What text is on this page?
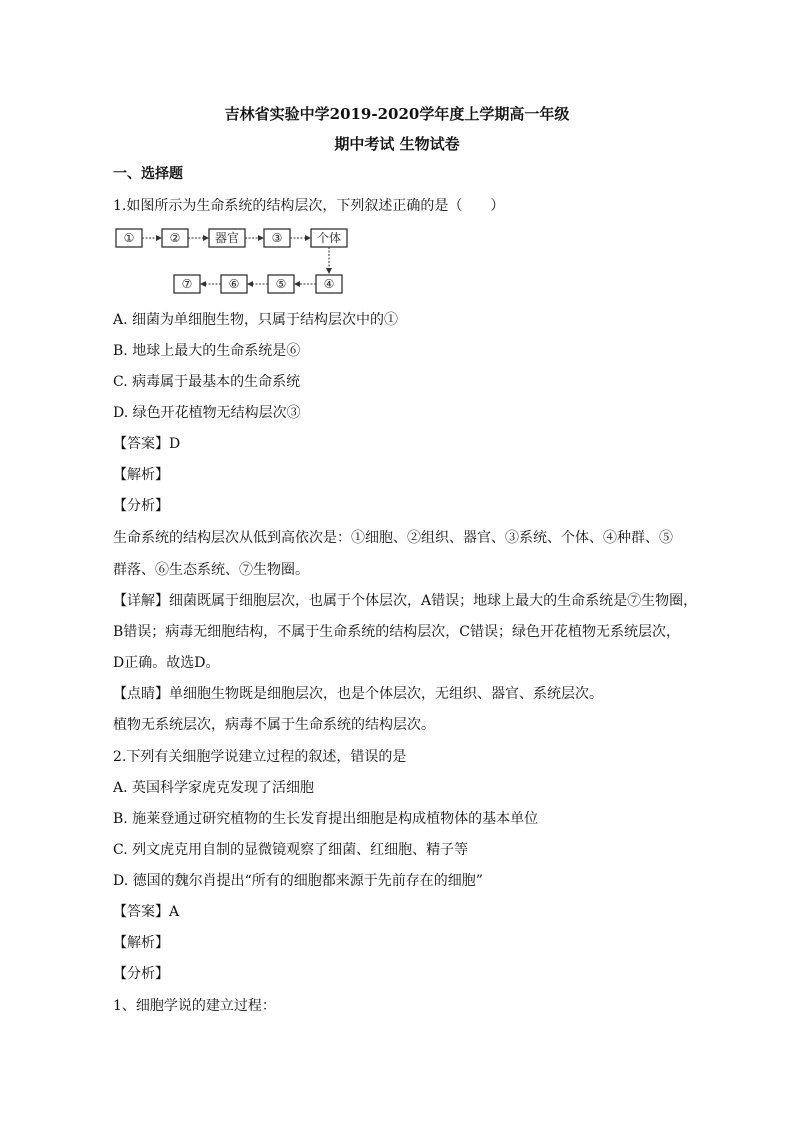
吉林省实验中学2019-2020学年度上学期高一年级
期中考试 生物试卷
一、选择题
1.如图所示为生命系统的结构层次，下列叙述正确的是（　　）
①	②	器官	③	个体
⑦	⑥	⑤	④
A. 细菌为单细胞生物，只属于结构层次中的①
B. 地球上最大的生命系统是⑥
C. 病毒属于最基本的生命系统
D. 绿色开花植物无结构层次③
【答案】D
【解析】
【分析】
生命系统的结构层次从低到高依次是：①细胞、②组织、器官、③系统、个体、④种群、⑤
群落、⑥生态系统、⑦生物圈。
【详解】细菌既属于细胞层次，也属于个体层次，A错误；地球上最大的生命系统是⑦生物圈，
B错误；病毒无细胞结构，不属于生命系统的结构层次，C错误；绿色开花植物无系统层次，
D正确。故选D。
【点睛】单细胞生物既是细胞层次，也是个体层次，无组织、器官、系统层次。
植物无系统层次，病毒不属于生命系统的结构层次。
2.下列有关细胞学说建立过程的叙述，错误的是
A. 英国科学家虎克发现了活细胞
B. 施莱登通过研究植物的生长发育提出细胞是构成植物体的基本单位
C. 列文虎克用自制的显微镜观察了细菌、红细胞、精子等
D. 德国的魏尔肖提出“所有的细胞都来源于先前存在的细胞”
【答案】A
【解析】
【分析】
1、细胞学说的建立过程：
